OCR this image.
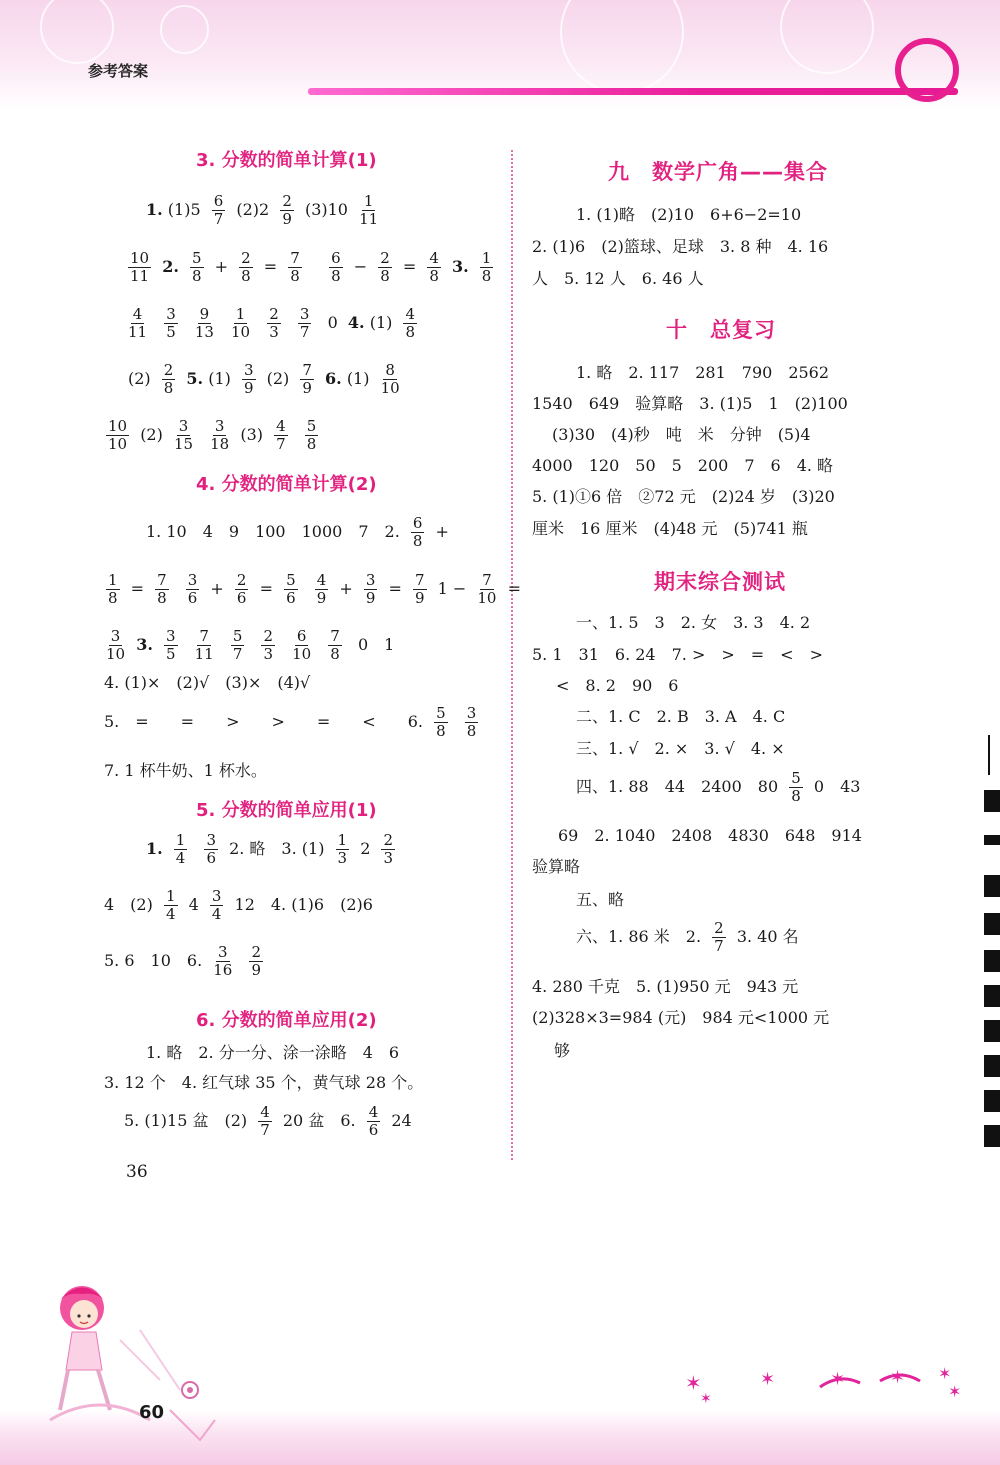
参考答案
3. 分数的简单计算(1)
1. $(1)5 \frac{6}{7} (2)2 \frac{2}{9} (3)10 \frac{1}{11}$
$\frac{10}{11} 2$. $\frac{5}{8} + \frac{2}{8} = \frac{7}{8}$
$\frac{6}{8} - \frac{2}{8} = \frac{4}{8} 3$. $\frac{1}{8}$
$\frac{4}{11}$
$\frac{3}{5}$
$\frac{9}{13}$
$\frac{1}{10}$
$\frac{2}{3}$
$\frac{3}{7} 0$ 4. $(1) \frac{4}{8}$
$(2) \frac{2}{8} 5$. $(1) \frac{3}{9} (2) \frac{7}{9} 6$. $(1) \frac{8}{10}$
$\frac{10}{10} (2) \frac{3}{15}$
$\frac{3}{18} (3) \frac{4}{7}$
$\frac{5}{8}$
4. 分数的简单计算(2)
1. 10　4　9　100　1000　7　2. $\frac{6}{8}$ +
$\frac{1}{8} = \frac{7}{8}$
$\frac{3}{6} + \frac{2}{6} = \frac{5}{6}$
$\frac{4}{9} + \frac{3}{9} = \frac{7}{9} 1 - \frac{7}{10}$ =
$\frac{3}{10} 3$. $\frac{3}{5}$
$\frac{7}{11}$
$\frac{5}{7}$
$\frac{2}{3}$
$\frac{6}{10}$
$\frac{7}{8} 0$　1
4. (1)×　(2)√　(3)×　(4)√
5.　=　　=　　>　　>　　=　　<　　6. $\frac{5}{8}$
$\frac{3}{8}$
7. 1 杯牛奶、1 杯水。
5. 分数的简单应用(1)
1. $\frac{1}{4}$
$\frac{3}{6} 2$. 略　3. $(1) \frac{1}{3} 2 \frac{2}{3}$
4　$(2) \frac{1}{4} 4 \frac{3}{4} 12$　4. (1)6　(2)6
5. 6　10　6. $\frac{3}{16}$
$\frac{2}{9}$
6. 分数的简单应用(2)
1. 略　2. 分一分、涂一涂略　4　6
3. 12 个　4. 红气球 35 个，黄气球 28 个。
5. (1)15 盆　$(2) \frac{4}{7} 20$ 盆　6. $\frac{4}{6} 24$
36
九　数学广角——集合
1. (1)略　(2)10　6+6−2=10
2. (1)6　(2)篮球、足球　3. 8 种　4. 16
人　5. 12 人　6. 46 人
十　总复习
1. 略　2. 117　281　790　2562
1540　649　验算略　3. (1)5　1　(2)100
(3)30　(4)秒　吨　米　分钟　(5)4
4000　120　50　5　200　7　6　4. 略
5. (1)①6 倍　②72 元　(2)24 岁　(3)20
厘米　16 厘米　(4)48 元　(5)741 瓶
期末综合测试
一、1. 5　3　2. 女　3. 3　4. 2
5. 1　31　6. 24　7. >　>　=　<　>
<　8. 2　90　6
二、1. C　2. B　3. A　4. C
三、1. √　2. ×　3. √　4. ×
四、1. 88　44　2400　$80 \frac{5}{8} 0$　43
69　2. 1040　2408　4830　648　914
验算略
五、略
六、1. 86 米　2. $\frac{2}{7} 3$. 40 名
4. 280 千克　5. (1)950 元　943 元
(2)328×3=984 (元)　984 元<1000 元
够
60
✶
✶
✶	✶ ✶ ✶
✶
